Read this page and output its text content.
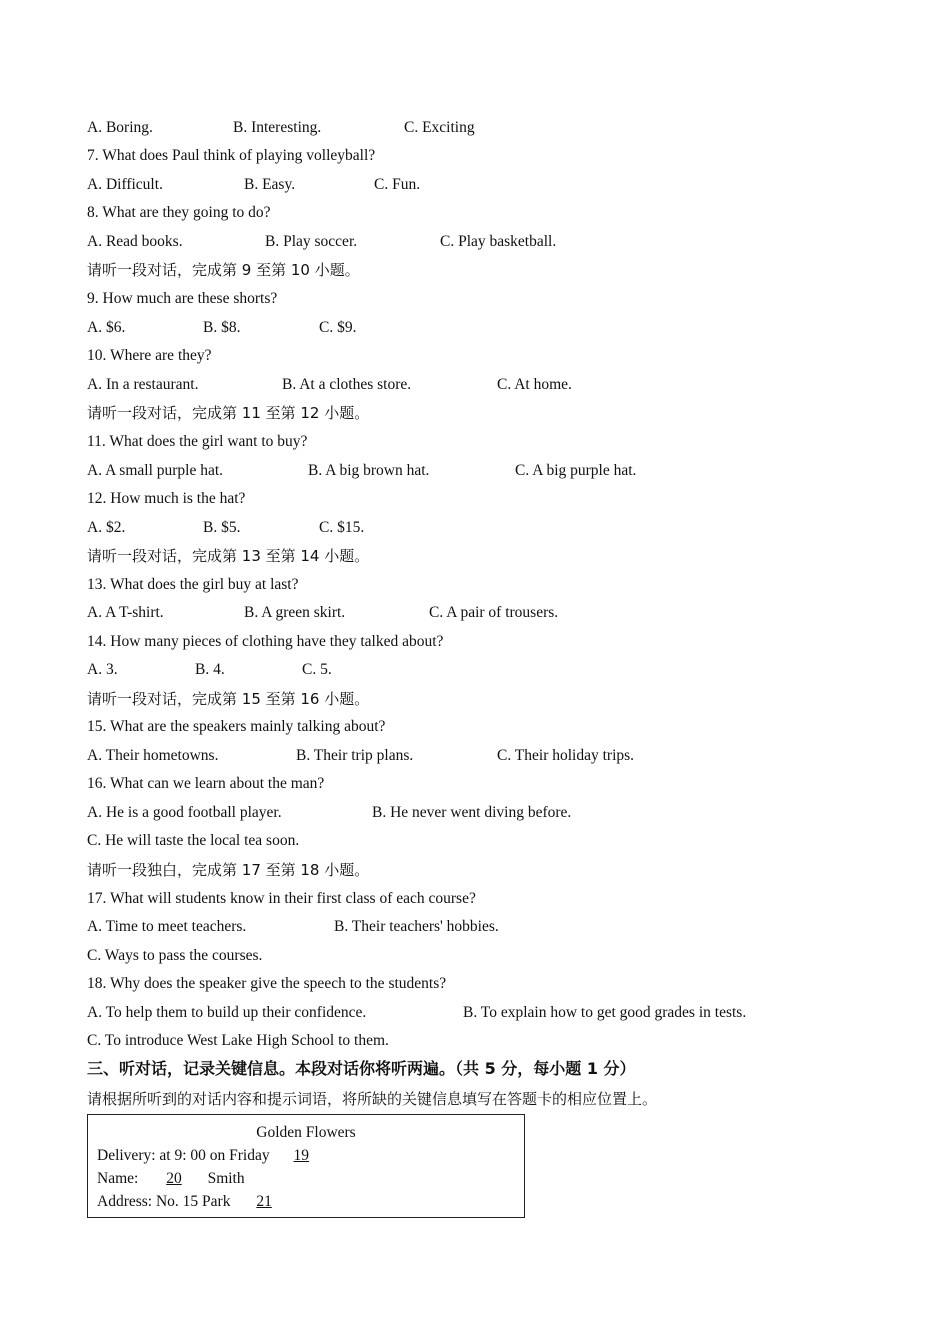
A. Boring.	B. Interesting.	C. Exciting
7. What does Paul think of playing volleyball?
A. Difficult.	B. Easy.	C. Fun.
8. What are they going to do?
A. Read books.	B. Play soccer.	C. Play basketball.
请听一段对话，完成第 9 至第 10 小题。
9. How much are these shorts?
A. $6.	B. $8.	C. $9.
10. Where are they?
A. In a restaurant.	B. At a clothes store.	C. At home.
请听一段对话，完成第 11 至第 12 小题。
11. What does the girl want to buy?
A. A small purple hat.	B. A big brown hat.	C. A big purple hat.
12. How much is the hat?
A. $2.	B. $5.	C. $15.
请听一段对话，完成第 13 至第 14 小题。
13. What does the girl buy at last?
A. A T-shirt.	B. A green skirt.	C. A pair of trousers.
14. How many pieces of clothing have they talked about?
A. 3.	B. 4.	C. 5.
请听一段对话，完成第 15 至第 16 小题。
15. What are the speakers mainly talking about?
A. Their hometowns.	B. Their trip plans.	C. Their holiday trips.
16. What can we learn about the man?
A. He is a good football player.	B. He never went diving before.
C. He will taste the local tea soon.
请听一段独白，完成第 17 至第 18 小题。
17. What will students know in their first class of each course?
A. Time to meet teachers.	B. Their teachers' hobbies.
C. Ways to pass the courses.
18. Why does the speaker give the speech to the students?
A. To help them to build up their confidence.	B. To explain how to get good grades in tests.
C. To introduce West Lake High School to them.
三、听对话，记录关键信息。本段对话你将听两遍。（共 5 分，每小题 1 分）
请根据所听到的对话内容和提示词语，将所缺的关键信息填写在答题卡的相应位置上。
Golden Flowers
Delivery: at 9: 00 on Friday 19
Name: 20 Smith
Address: No. 15 Park 21
